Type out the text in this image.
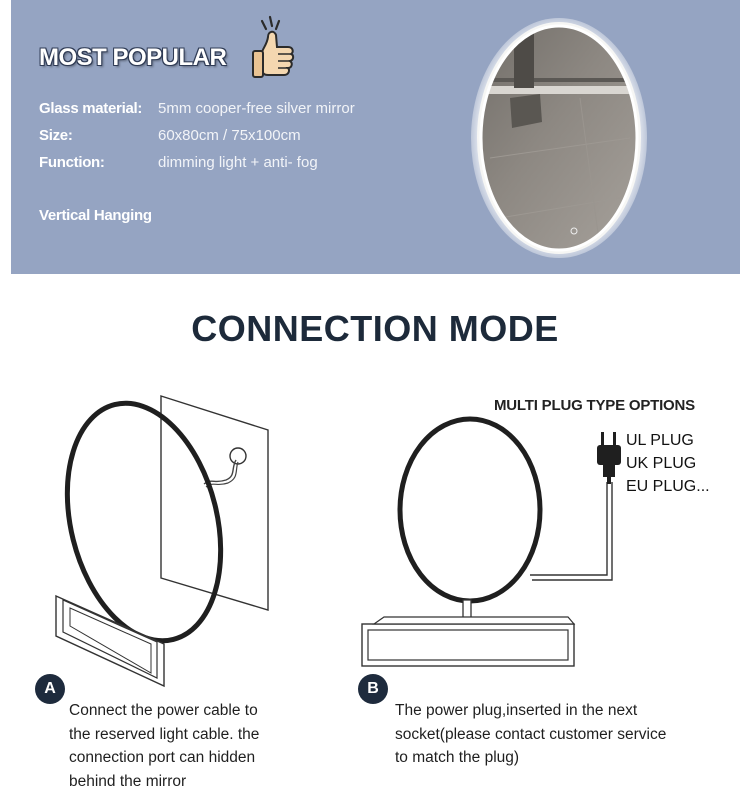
MOST POPULAR
Glass material:	5mm cooper-free silver mirror
Size:	60x80cm / 75x100cm
Function:	dimming light + anti- fog
Vertical Hanging
CONNECTION MODE
MULTI PLUG TYPE OPTIONS
UL PLUG
UK PLUG
EU PLUG...
A	B
Connect the power cable to
the reserved light cable. the
connection port can hidden
behind the mirror
The power plug,inserted in the next
socket(please contact customer service
to match the plug)
